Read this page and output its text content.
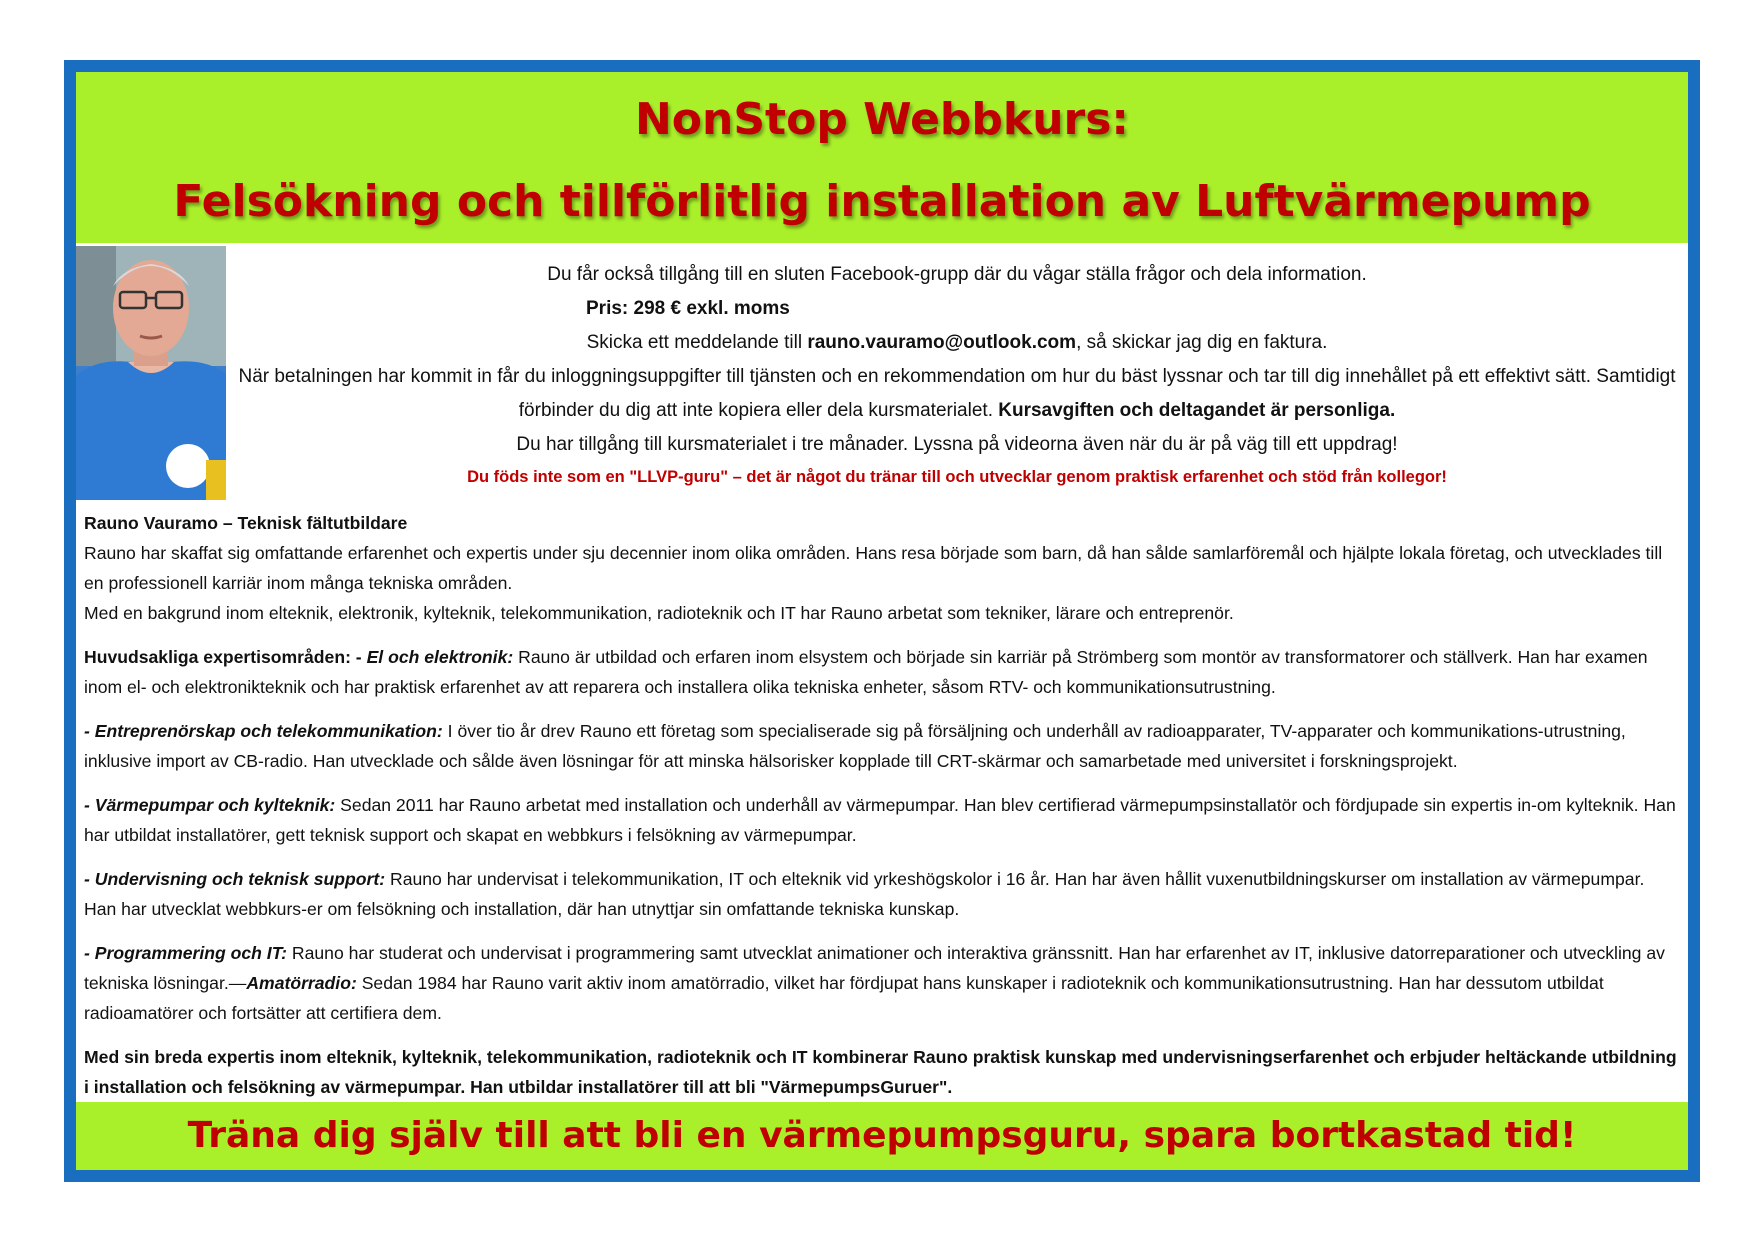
NonStop Webbkurs:
Felsökning och tillförlitlig installation av Luftvärmepump

Du får också tillgång till en sluten Facebook-grupp där du vågar ställa frågor och dela information.

Pris: 298 € exkl. moms

Skicka ett meddelande till rauno.vauramo@outlook.com, så skickar jag dig en faktura.

När betalningen har kommit in får du inloggningsuppgifter till tjänsten och en rekommendation om hur du bäst lyssnar och tar till dig innehållet på ett effektivt sätt. Samtidigt förbinder du dig att inte kopiera eller dela kursmaterialet. Kursavgiften och deltagandet är personliga.

Du har tillgång till kursmaterialet i tre månader. Lyssna på videorna även när du är på väg till ett uppdrag!

Du föds inte som en "LLVP-guru" – det är något du tränar till och utvecklar genom praktisk erfarenhet och stöd från kollegor!

Rauno Vauramo – Teknisk fältutbildare

Rauno har skaffat sig omfattande erfarenhet och expertis under sju decennier inom olika områden. Hans resa började som barn, då han sålde samlarföremål och hjälpte lokala företag, och utvecklades till en professionell karriär inom många tekniska områden.

Med en bakgrund inom elteknik, elektronik, kylteknik, telekommunikation, radioteknik och IT har Rauno arbetat som tekniker, lärare och entreprenör.

Huvudsakliga expertisområden: - El och elektronik: Rauno är utbildad och erfaren inom elsystem och började sin karriär på Strömberg som montör av transformatorer och ställverk. Han har examen inom el- och elektronikteknik och har praktisk erfarenhet av att reparera och installera olika tekniska enheter, såsom RTV- och kommunikationsutrustning.

- Entreprenörskap och telekommunikation: I över tio år drev Rauno ett företag som specialiserade sig på försäljning och underhåll av radioapparater, TV-apparater och kommunikations-utrustning, inklusive import av CB-radio. Han utvecklade och sålde även lösningar för att minska hälsorisker kopplade till CRT-skärmar och samarbetade med universitet i forskningsprojekt.

- Värmepumpar och kylteknik: Sedan 2011 har Rauno arbetat med installation och underhåll av värmepumpar. Han blev certifierad värmepumpsinstallatör och fördjupade sin expertis in-om kylteknik. Han har utbildat installatörer, gett teknisk support och skapat en webbkurs i felsökning av värmepumpar.

- Undervisning och teknisk support: Rauno har undervisat i telekommunikation, IT och elteknik vid yrkeshögskolor i 16 år. Han har även hållit vuxenutbildningskurser om installation av värmepumpar. Han har utvecklat webbkurs-er om felsökning och installation, där han utnyttjar sin omfattande tekniska kunskap.

- Programmering och IT: Rauno har studerat och undervisat i programmering samt utvecklat animationer och interaktiva gränssnitt. Han har erfarenhet av IT, inklusive datorreparationer och utveckling av tekniska lösningar.—Amatörradio: Sedan 1984 har Rauno varit aktiv inom amatörradio, vilket har fördjupat hans kunskaper i radioteknik och kommunikationsutrustning. Han har dessutom utbildat radioamatörer och fortsätter att certifiera dem.

Med sin breda expertis inom elteknik, kylteknik, telekommunikation, radioteknik och IT kombinerar Rauno praktisk kunskap med undervisningserfarenhet och erbjuder heltäckande utbildning i installation och felsökning av värmepumpar. Han utbildar installatörer till att bli "VärmepumpsGuruer".

Träna dig själv till att bli en värmepumpsguru, spara bortkastad tid!
